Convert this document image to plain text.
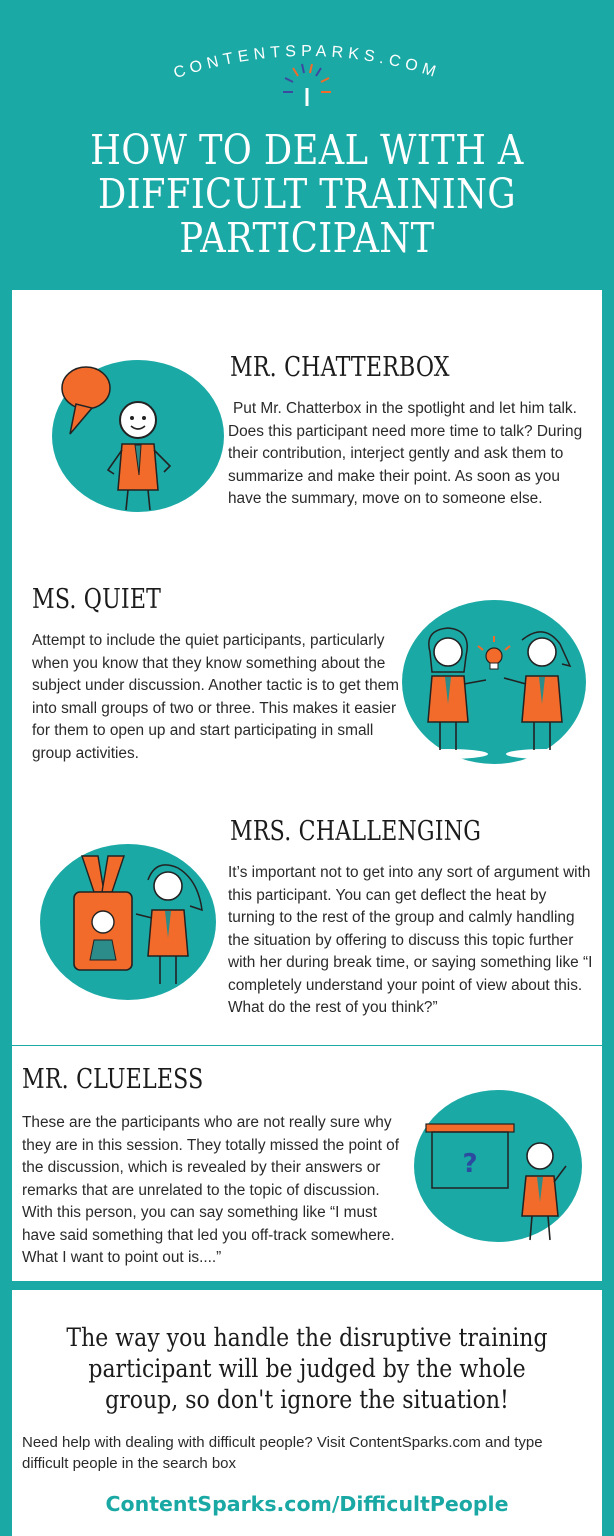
CONTENTSPARKS.COM
HOW TO DEAL WITH A
DIFFICULT TRAINING
PARTICIPANT
MR. CHATTERBOX
Put Mr. Chatterbox in the spotlight and let him talk. Does this participant need more time to talk? During their contribution, interject gently and ask them to summarize and make their point. As soon as you have the summary, move on to someone else.
MS. QUIET
Attempt to include the quiet participants, particularly when you know that they know something about the subject under discussion. Another tactic is to get them into small groups of two or three. This makes it easier for them to open up and start participating in small group activities.
MRS. CHALLENGING
It’s important not to get into any sort of argument with this participant. You can get deflect the heat by turning to the rest of the group and calmly handling the situation by offering to discuss this topic further with her during break time, or saying something like “I completely understand your point of view about this. What do the rest of you think?”
MR. CLUELESS
These are the participants who are not really sure why they are in this session. They totally missed the point of the discussion, which is revealed by their answers or remarks that are unrelated to the topic of discussion. With this person, you can say something like “I must have said something that led you off-track somewhere. What I want to point out is....”
?
The way you handle the disruptive training
participant will be judged by the whole
group, so don't ignore the situation!
Need help with dealing with difficult people? Visit ContentSparks.com and type difficult people in the search box
ContentSparks.com/DifficultPeople
